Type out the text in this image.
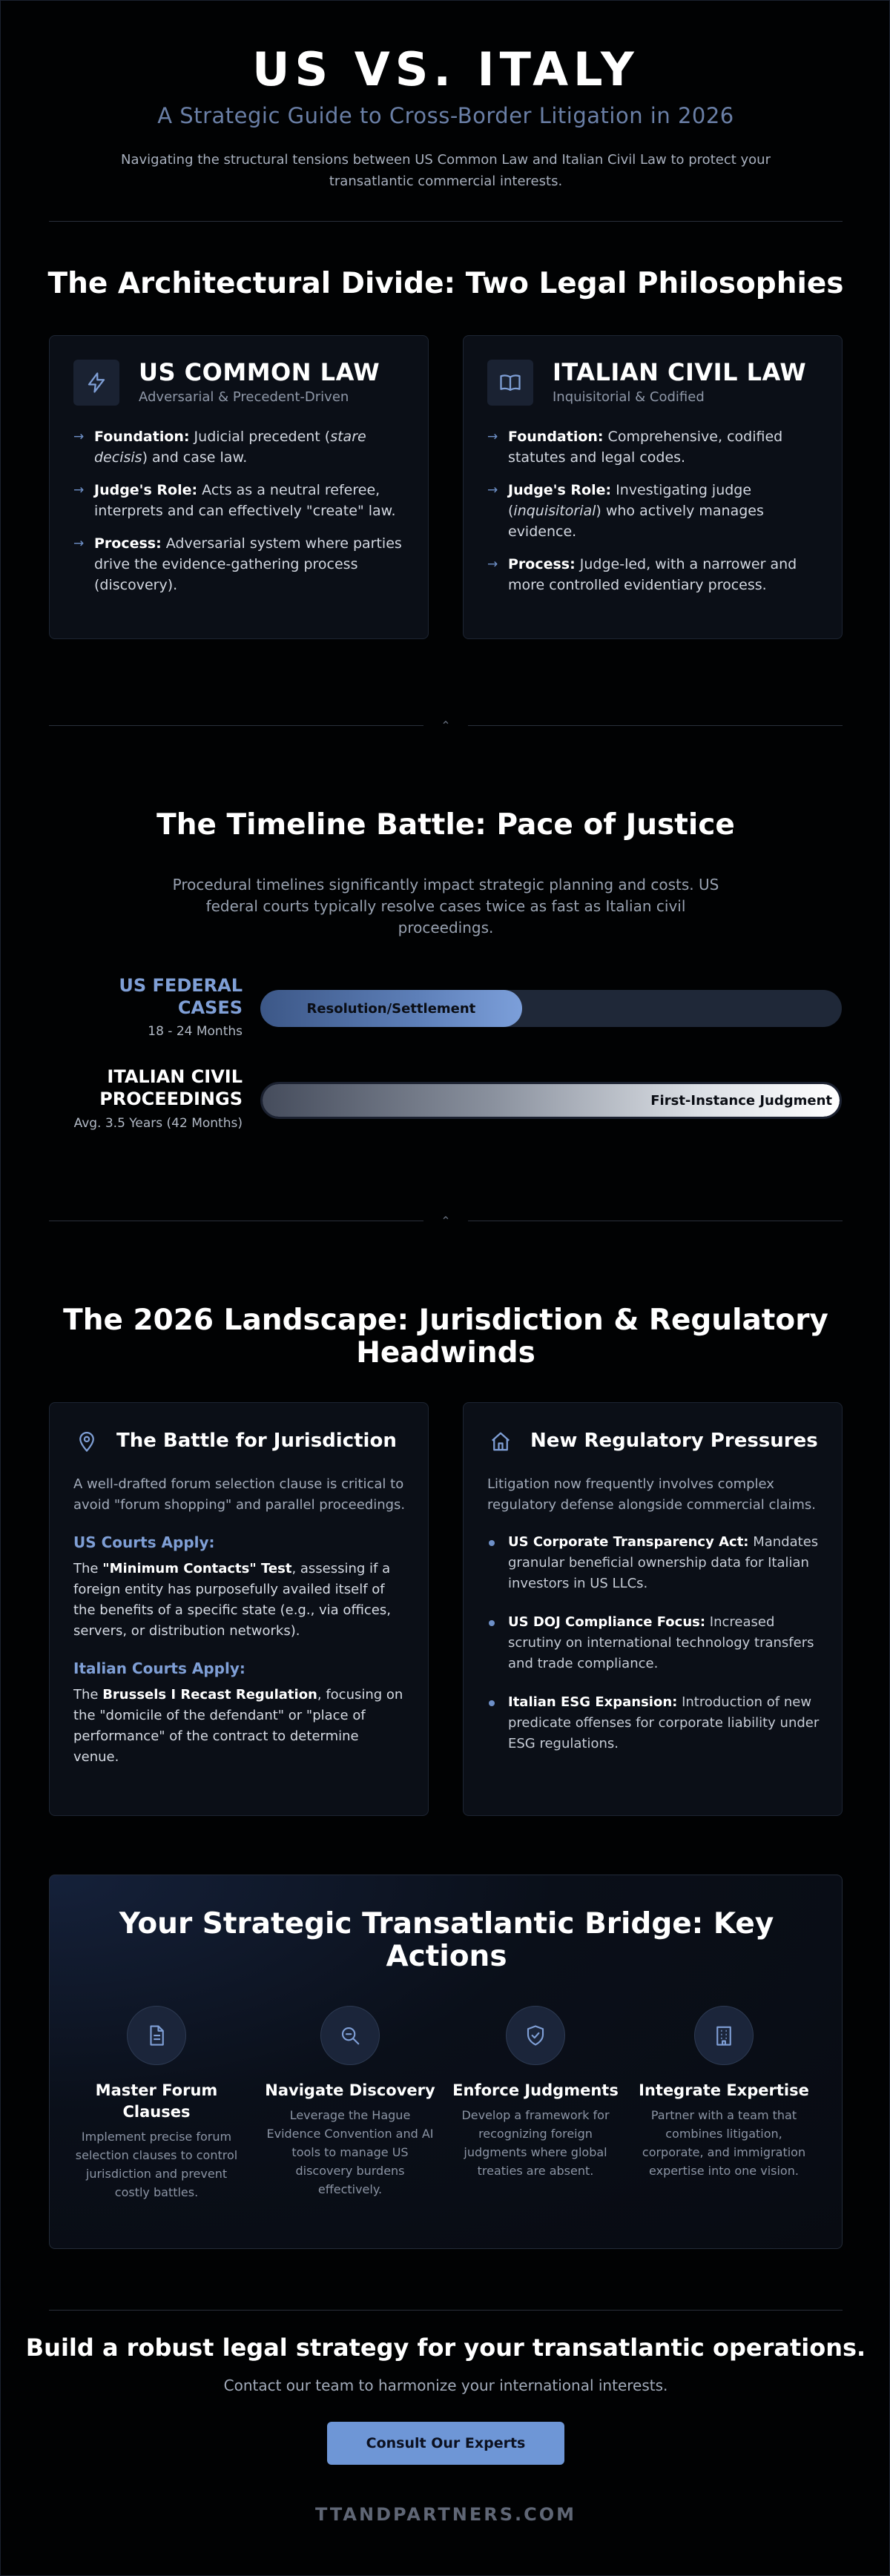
US VS. ITALY
A Strategic Guide to Cross-Border Litigation in 2026
Navigating the structural tensions between US Common Law and Italian Civil Law to protect your transatlantic commercial interests.
The Architectural Divide: Two Legal Philosophies
US COMMON LAW
Adversarial & Precedent-Driven
→ Foundation: Judicial precedent (stare decisis) and case law.
→ Judge's Role: Acts as a neutral referee, interprets and can effectively "create" law.
→ Process: Adversarial system where parties drive the evidence-gathering process (discovery).
ITALIAN CIVIL LAW
Inquisitorial & Codified
→ Foundation: Comprehensive, codified statutes and legal codes.
→ Judge's Role: Investigating judge (inquisitorial) who actively manages evidence.
→ Process: Judge-led, with a narrower and more controlled evidentiary process.
⌃

The Timeline Battle: Pace of Justice
Procedural timelines significantly impact strategic planning and costs. US federal courts typically resolve cases twice as fast as Italian civil proceedings.
US FEDERAL
CASES
18 - 24 Months
Resolution/Settlement
ITALIAN CIVIL
PROCEEDINGS
Avg. 3.5 Years (42 Months)
First-Instance Judgment
⌃
The 2026 Landscape: Jurisdiction & Regulatory
Headwinds
The Battle for Jurisdiction

A well-drafted forum selection clause is critical to avoid "forum shopping" and parallel proceedings.

US Courts Apply:

The "Minimum Contacts" Test, assessing if a foreign entity has purposefully availed itself of the benefits of a specific state (e.g., via offices, servers, or distribution networks).

Italian Courts Apply:

The Brussels I Recast Regulation, focusing on the "domicile of the defendant" or "place of performance" of the contract to determine venue.

New Regulatory Pressures

Litigation now frequently involves complex regulatory defense alongside commercial claims.

US Corporate Transparency Act: Mandates granular beneficial ownership data for Italian investors in US LLCs.
US DOJ Compliance Focus: Increased scrutiny on international technology transfers and trade compliance.
Italian ESG Expansion: Introduction of new predicate offenses for corporate liability under ESG regulations.
Your Strategic Transatlantic Bridge: Key
Actions
Master Forum Clauses

Implement precise forum selection clauses to control jurisdiction and prevent costly battles.

Navigate Discovery

Leverage the Hague Evidence Convention and AI tools to manage US discovery burdens effectively.

Enforce Judgments

Develop a framework for recognizing foreign judgments where global treaties are absent.

Integrate Expertise

Partner with a team that combines litigation, corporate, and immigration expertise into one vision.

Build a robust legal strategy for your transatlantic operations.
Contact our team to harmonize your international interests.
Consult Our Experts
TTANDPARTNERS.COM
